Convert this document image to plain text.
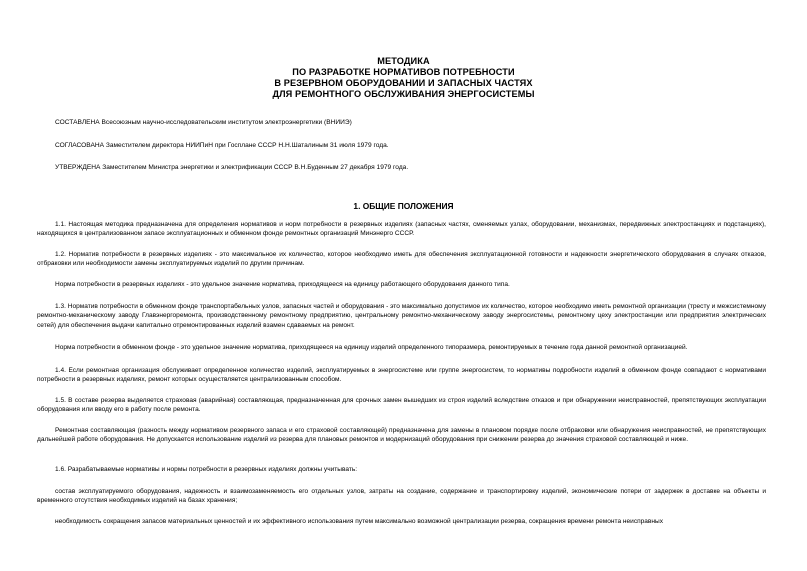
МЕТОДИКА
ПО РАЗРАБОТКЕ НОРМАТИВОВ ПОТРЕБНОСТИ
В РЕЗЕРВНОМ ОБОРУДОВАНИИ И ЗАПАСНЫХ ЧАСТЯХ
ДЛЯ РЕМОНТНОГО ОБСЛУЖИВАНИЯ ЭНЕРГОСИСТЕМЫ
СОСТАВЛЕНА Всесоюзным научно-исследовательским институтом электроэнергетики (ВНИИЭ)
СОГЛАСОВАНА Заместителем директора НИИПиН при Госплане СССР Н.Н.Шаталиным 31 июля 1979 года.
УТВЕРЖДЕНА Заместителем Министра энергетики и электрификации СССР В.Н.Буденным 27 декабря 1979 года.
1. ОБЩИЕ ПОЛОЖЕНИЯ

1.1. Настоящая методика предназначена для определения нормативов и норм потребности в резервных изделиях (запасных частях, сменяемых узлах, оборудовании, механизмах, передвижных электростанциях и подстанциях), находящихся в централизованном запасе эксплуатационных и обменном фонде ремонтных организаций Минэнерго СССР.

1.2. Норматив потребности в резервных изделиях - это максимальное их количество, которое необходимо иметь для обеспечения эксплуатационной готовности и надежности энергетического оборудования в случаях отказов, отбраковки или необходимости замены эксплуатируемых изделий по другим причинам.

Норма потребности в резервных изделиях - это удельное значение норматива, приходящееся на единицу работающего оборудования данного типа.

1.3. Норматив потребности в обменном фонде транспортабельных узлов, запасных частей и оборудования - это максимально допустимое их количество, которое необходимо иметь ремонтной организации (тресту и межсистемному ремонтно-механическому заводу Главэнергоремонта, производственному ремонтному предприятию, центральному ремонтно-механическому заводу энергосистемы, ремонтному цеху электростанции или предприятия электрических сетей) для обеспечения выдачи капитально отремонтированных изделий взамен сдаваемых на ремонт.

Норма потребности в обменном фонде - это удельное значение норматива, приходящееся на единицу изделий определенного типоразмера, ремонтируемых в течение года данной ремонтной организацией.

1.4. Если ремонтная организация обслуживает определенное количество изделий, эксплуатируемых в энергосистеме или группе энергосистем, то нормативы подробности изделий в обменном фонде совпадают с нормативами потребности в резервных изделиях, ремонт которых осуществляется централизованным способом.

1.5. В составе резерва выделяется страховая (аварийная) составляющая, предназначенная для срочных замен вышедших из строя изделий вследствие отказов и при обнаружении неисправностей, препятствующих эксплуатации оборудования или вводу его в работу после ремонта.

Ремонтная составляющая (разность между нормативом резервного запаса и его страховой составляющей) предназначена для замены в плановом порядке после отбраковки или обнаружения неисправностей, не препятствующих дальнейшей работе оборудования. Не допускается использование изделий из резерва для плановых ремонтов и модернизаций оборудования при снижении резерва до значения страховой составляющей и ниже.

1.6. Разрабатываемые нормативы и нормы потребности в резервных изделиях должны учитывать:

состав эксплуатируемого оборудования, надежность и взаимозаменяемость его отдельных узлов, затраты на создание, содержание и транспортировку изделий, экономические потери от задержек в доставке на объекты и временного отсутствия необходимых изделий на базах хранения;

необходимость сокращения запасов материальных ценностей и их эффективного использования путем максимально возможной централизации резерва, сокращения времени ремонта неисправных
